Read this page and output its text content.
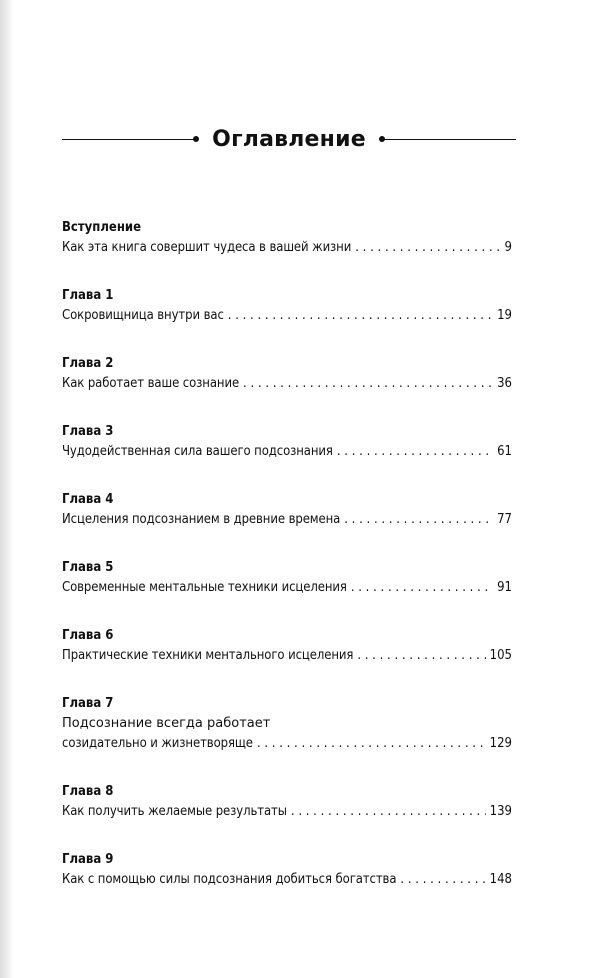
Оглавление
Вступление
Как эта книга совершит чудеса в вашей жизни . . .	9
Глава 1
Сокровищница внутри вас . . .	19
Глава 2
Как работает ваше сознание . . .	36
Глава 3
Чудодейственная сила вашего подсознания . . .	61
Глава 4
Исцеления подсознанием в древние времена . . .	77
Глава 5
Современные ментальные техники исцеления . . .	91
Глава 6
Практические техники ментального исцеления . . .	105
Глава 7
Подсознание всегда работает
созидательно и жизнетворяще . . .	129
Глава 8
Как получить желаемые результаты . . .	139
Глава 9
Как с помощью силы подсознания добиться богатства . . .	148
